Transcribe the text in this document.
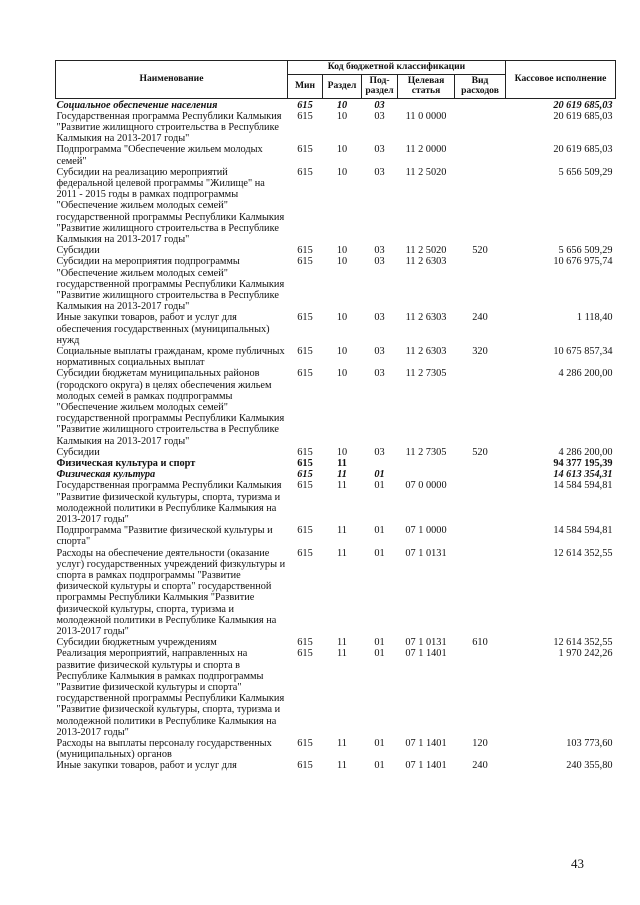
Наименование	Код бюджетной классификации					Кассовое исполнение
	Мин	Раздел	Под-раздел	Целевая статья	Вид расходов	
Социальное обеспечение населения	615	10	03			20 619 685,03
Государственная программа Республики Калмыкия "Развитие жилищного строительства в Республике Калмыкия на 2013-2017 годы"	615	10	03	11 0 0000		20 619 685,03
Подпрограмма "Обеспечение жильем молодых семей"	615	10	03	11 2 0000		20 619 685,03
Субсидии на реализацию мероприятий федеральной целевой программы "Жилище" на 2011 - 2015 годы в рамках подпрограммы "Обеспечение жильем молодых семей" государственной программы Республики Калмыкия "Развитие жилищного строительства в Республике Калмыкия на 2013-2017 годы"	615	10	03	11 2 5020		5 656 509,29
Субсидии	615	10	03	11 2 5020	520	5 656 509,29
Субсидии на мероприятия подпрограммы "Обеспечение жильем молодых семей" государственной программы Республики Калмыкия "Развитие жилищного строительства в Республике Калмыкия на 2013-2017 годы"	615	10	03	11 2 6303		10 676 975,74
Иные закупки товаров, работ и услуг для обеспечения государственных (муниципальных) нужд	615	10	03	11 2 6303	240	1 118,40
Социальные выплаты гражданам, кроме публичных нормативных социальных выплат	615	10	03	11 2 6303	320	10 675 857,34
Субсидии бюджетам муниципальных районов (городского округа) в целях обеспечения жильем молодых семей в рамках подпрограммы "Обеспечение жильем молодых семей" государственной программы Республики Калмыкия "Развитие жилищного строительства в Республике Калмыкия на 2013-2017 годы"	615	10	03	11 2 7305		4 286 200,00
Субсидии	615	10	03	11 2 7305	520	4 286 200,00
Физическая культура и спорт	615	11				94 377 195,39
Физическая культура	615	11	01			14 613 354,31
Государственная программа Республики Калмыкия "Развитие физической культуры, спорта, туризма и молодежной политики в Республике Калмыкия на 2013-2017 годы"	615	11	01	07 0 0000		14 584 594,81
Подпрограмма "Развитие физической культуры и спорта"	615	11	01	07 1 0000		14 584 594,81
Расходы на обеспечение деятельности (оказание услуг) государственных учреждений физкультуры и спорта в рамках подпрограммы "Развитие физической культуры и спорта" государственной программы Республики Калмыкия "Развитие физической культуры, спорта, туризма и молодежной политики в Республике Калмыкия на 2013-2017 годы"	615	11	01	07 1 0131		12 614 352,55
Субсидии бюджетным учреждениям	615	11	01	07 1 0131	610	12 614 352,55
Реализация мероприятий, направленных на развитие физической культуры и спорта в Республике Калмыкия в рамках подпрограммы "Развитие физической культуры и спорта" государственной программы Республики Калмыкия "Развитие физической культуры, спорта, туризма и молодежной политики в Республике Калмыкия на 2013-2017 годы"	615	11	01	07 1 1401		1 970 242,26
Расходы на выплаты персоналу государственных (муниципальных) органов	615	11	01	07 1 1401	120	103 773,60
Иные закупки товаров, работ и услуг для	615	11	01	07 1 1401	240	240 355,80
43
